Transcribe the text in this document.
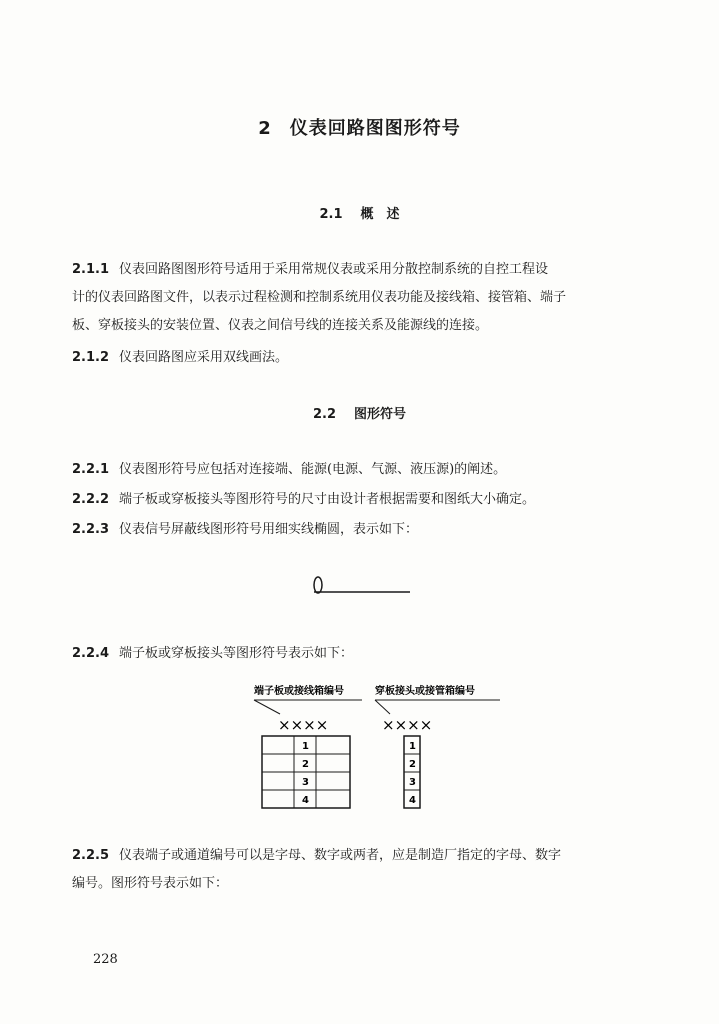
2 仪表回路图图形符号
2.1 概　述
2.1.1 仪表回路图图形符号适用于采用常规仪表或采用分散控制系统的自控工程设
计的仪表回路图文件，以表示过程检测和控制系统用仪表功能及接线箱、接管箱、端子
板、穿板接头的安装位置、仪表之间信号线的连接关系及能源线的连接。
2.1.2 仪表回路图应采用双线画法。
2.2 图形符号
2.2.1 仪表图形符号应包括对连接端、能源(电源、气源、液压源)的阐述。
2.2.2 端子板或穿板接头等图形符号的尺寸由设计者根据需要和图纸大小确定。
2.2.3 仪表信号屏蔽线图形符号用细实线椭圆，表示如下：
2.2.4 端子板或穿板接头等图形符号表示如下：
端子板或接线箱编号	穿板接头或接管箱编号
××××	××××
1
2
3
4
1
2
3
4
2.2.5 仪表端子或通道编号可以是字母、数字或两者，应是制造厂指定的字母、数字
编号。图形符号表示如下：
228
